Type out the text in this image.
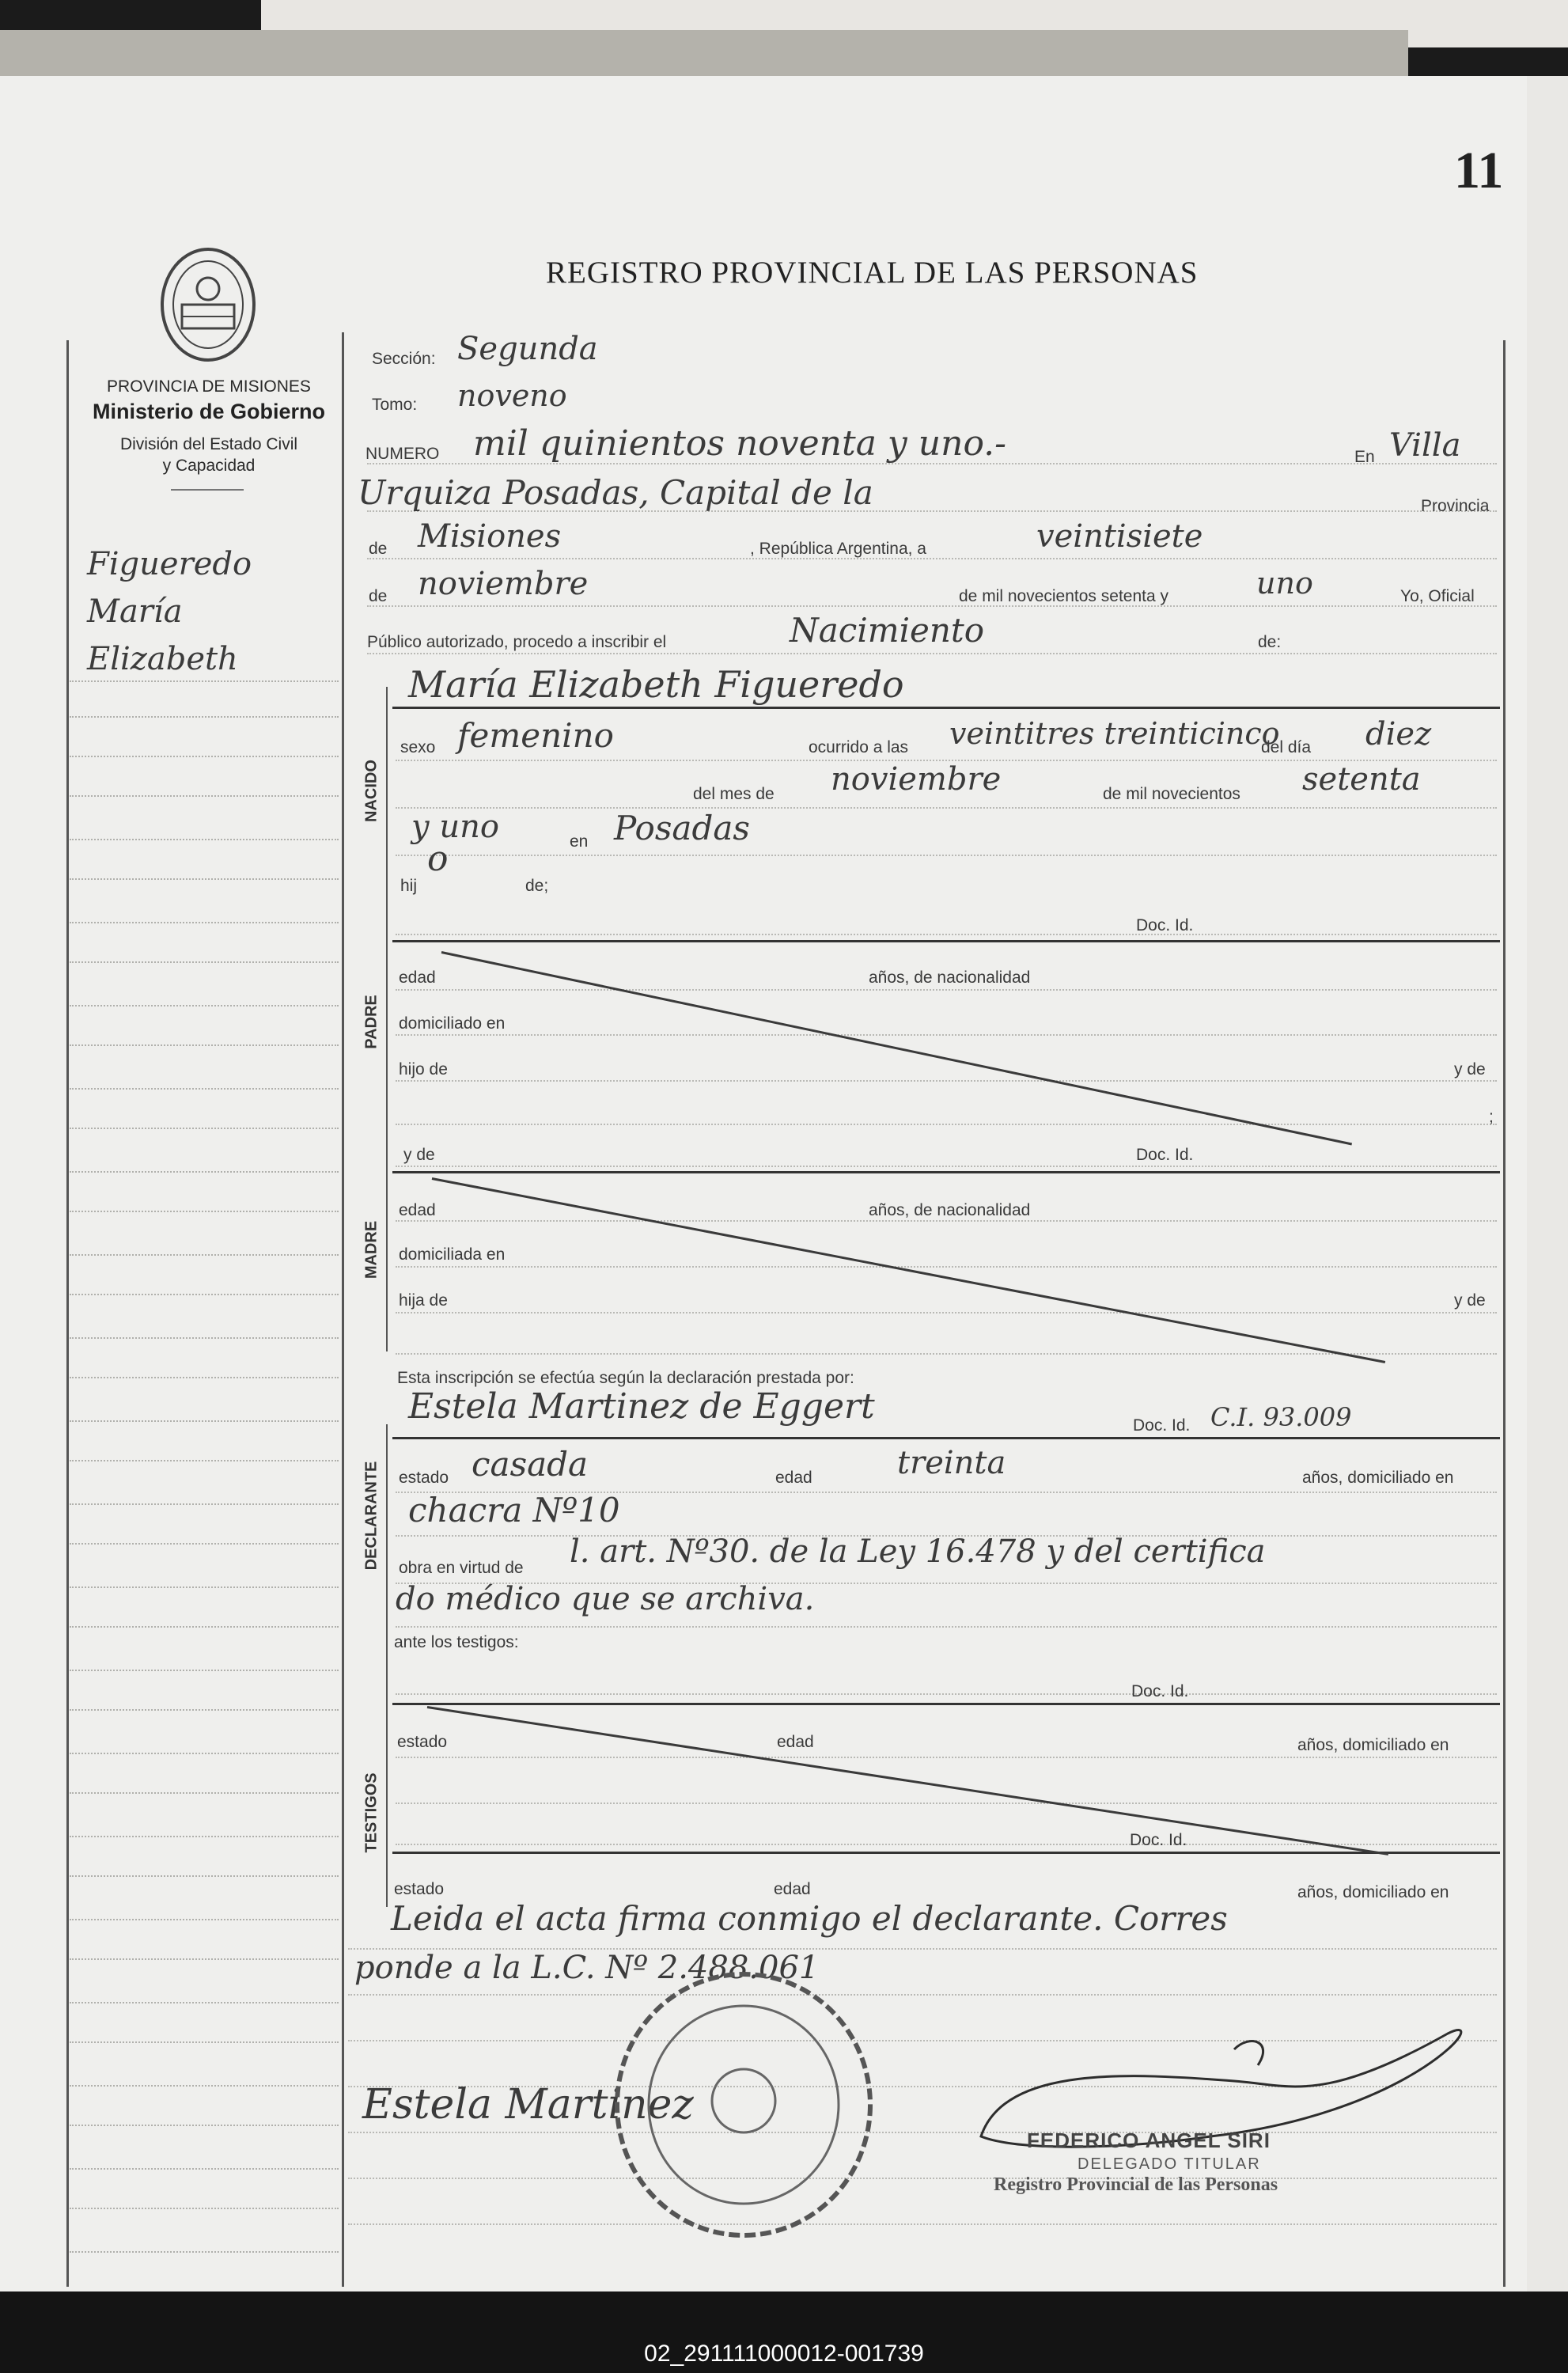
11
REGISTRO PROVINCIAL DE LAS PERSONAS
PROVINCIA DE MISIONES
Ministerio de Gobierno
División del Estado Civil
y Capacidad
Figueredo
María
Elizabeth
Sección: Segunda
Tomo: noveno
NUMERO mil quinientos noventa y uno.-	En Villa
Urquiza Posadas, Capital de la	Provincia
de Misiones	, República Argentina, a	veintisiete
de noviembre	de mil novecientos setenta y	uno	Yo, Oficial
Público autorizado, procedo a inscribir el	Nacimiento	de:
NACIDO
María Elizabeth Figueredo
sexo femenino	ocurrido a las veintitres treinticinco
del día diez
del mes de noviembre	de mil novecientos setenta
y uno	en Posadas
hij
o
de;
Doc. Id.
PADRE
edad	años, de nacionalidad
domiciliado en
hijo de	y de
;
y de	Doc. Id.
MADRE
edad	años, de nacionalidad
domiciliada en
hija de	y de
Esta inscripción se efectúa según la declaración prestada por:
Estela Martinez de Eggert	Doc. Id. C.I. 93.009
DECLARANTE estado casada	edad	treinta	años, domiciliado en
chacra Nº10
obra en virtud de l. art. Nº30. de la Ley 16.478 y del certifica
do médico que se archiva.
ante los testigos:
Doc. Id.
TESTIGOS
estado	edad	años, domiciliado en
Doc. Id.
estado	edad	años, domiciliado en
Leida el acta firma conmigo el declarante. Corres
ponde a la L.C. Nº 2.488.061
Estela Martinez
FEDERICO ANGEL SIRI
DELEGADO TITULAR
Registro Provincial de las Personas
02_291111000012-001739
